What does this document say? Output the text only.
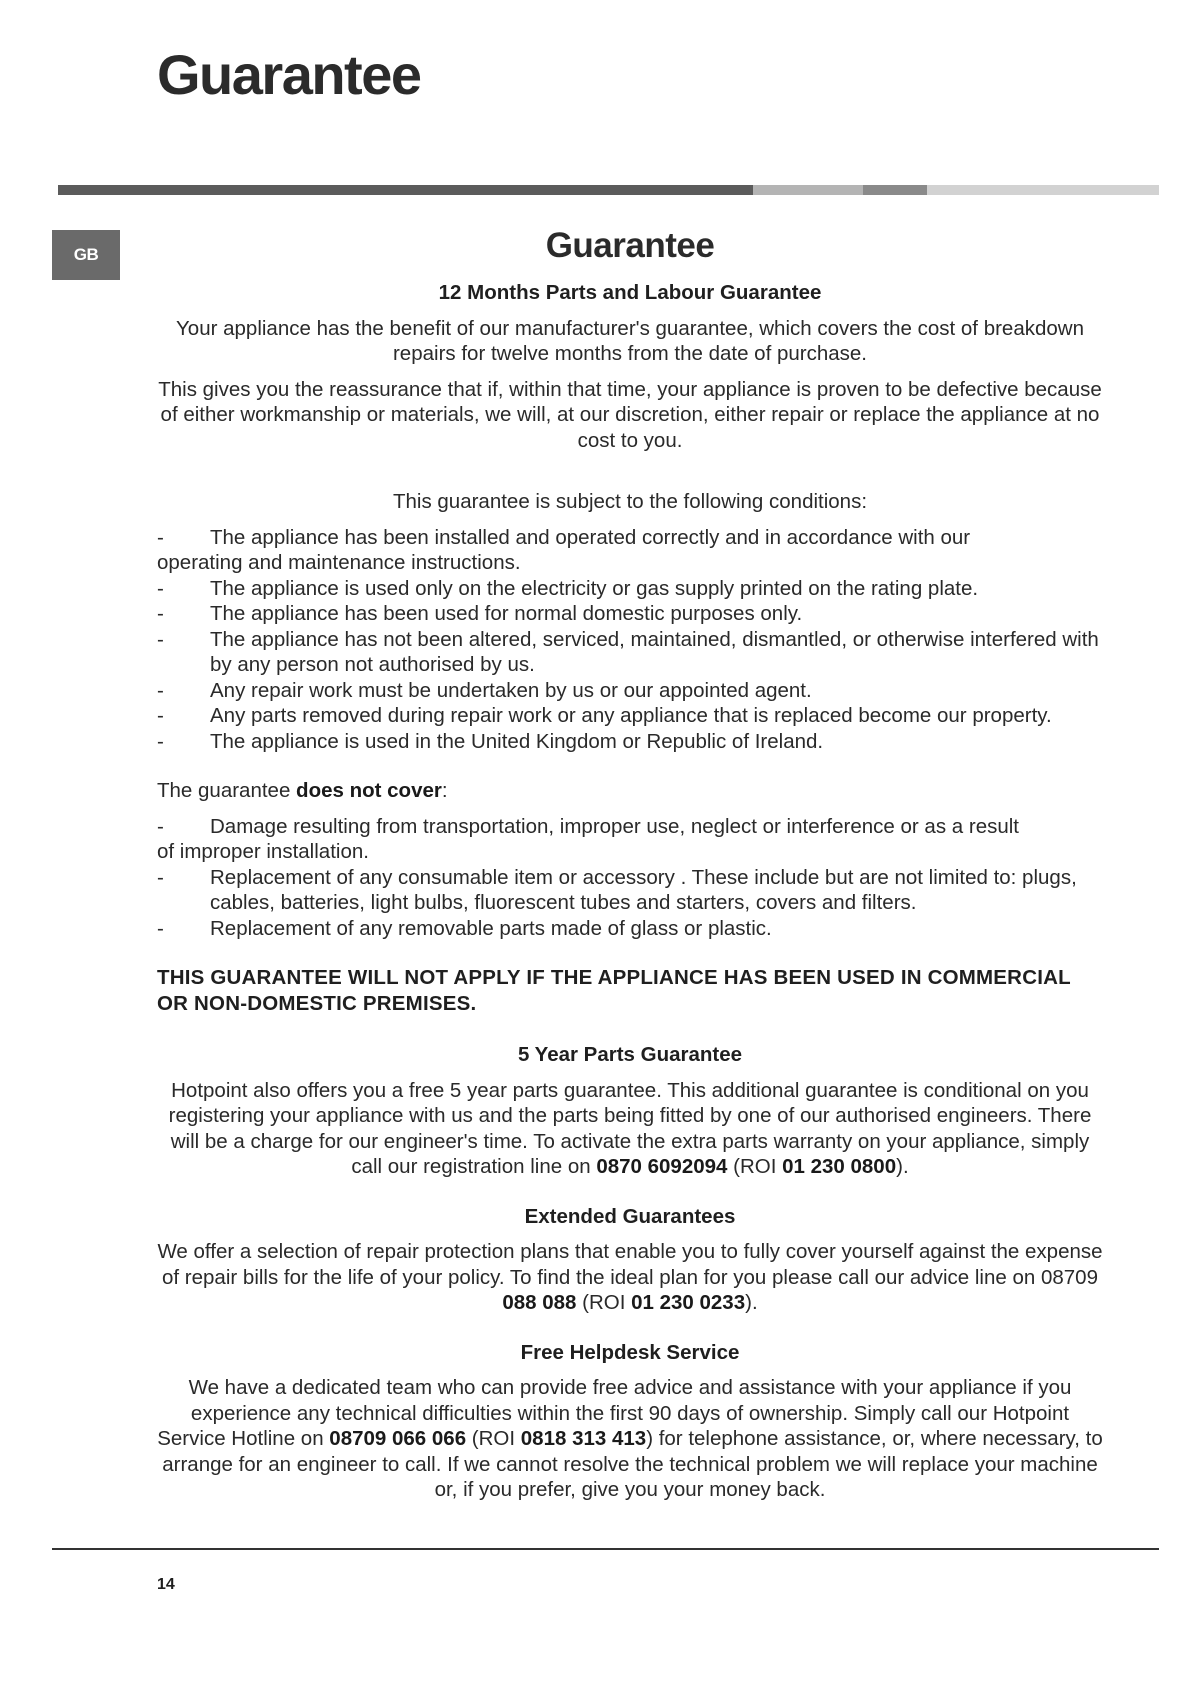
Guarantee
GB	Guarantee

12 Months Parts and Labour Guarantee

Your appliance has the benefit of our manufacturer's guarantee, which covers the cost of breakdown repairs for twelve months from the date of purchase.

This gives you the reassurance that if, within that time, your appliance is proven to be defective because of either workmanship or materials, we will, at our discretion, either repair or replace the appliance at no cost to you.

This guarantee is subject to the following conditions:

- The appliance has been installed and operated correctly and in accordance with our
operating and maintenance instructions.
- The appliance is used only on the electricity or gas supply printed on the rating plate.
- The appliance has been used for normal domestic purposes only.
- The appliance has not been altered, serviced, maintained, dismantled, or otherwise interfered with by any person not authorised by us.
- Any repair work must be undertaken by us or our appointed agent.
- Any parts removed during repair work or any appliance that is replaced become our property.
- The appliance is used in the United Kingdom or Republic of Ireland.

The guarantee does not cover:

- Damage resulting from transportation, improper use, neglect or interference or as a result
of improper installation.
- Replacement of any consumable item or accessory . These include but are not limited to: plugs, cables, batteries, light bulbs, fluorescent tubes and starters, covers and filters.
- Replacement of any removable parts made of glass or plastic.

THIS GUARANTEE WILL NOT APPLY IF THE APPLIANCE HAS BEEN USED IN COMMERCIAL OR NON-DOMESTIC PREMISES.

5 Year Parts Guarantee

Hotpoint also offers you a free 5 year parts guarantee. This additional guarantee is conditional on you registering your appliance with us and the parts being fitted by one of our authorised engineers. There will be a charge for our engineer's time. To activate the extra parts warranty on your appliance, simply call our registration line on 0870 6092094 (ROI 01 230 0800).

Extended Guarantees

We offer a selection of repair protection plans that enable you to fully cover yourself against the expense of repair bills for the life of your policy. To find the ideal plan for you please call our advice line on 08709 088 088 (ROI 01 230 0233).

Free Helpdesk Service

We have a dedicated team who can provide free advice and assistance with your appliance if you experience any technical difficulties within the first 90 days of ownership. Simply call our Hotpoint Service Hotline on 08709 066 066 (ROI 0818 313 413) for telephone assistance, or, where necessary, to arrange for an engineer to call. If we cannot resolve the technical problem we will replace your machine or, if you prefer, give you your money back.

14
